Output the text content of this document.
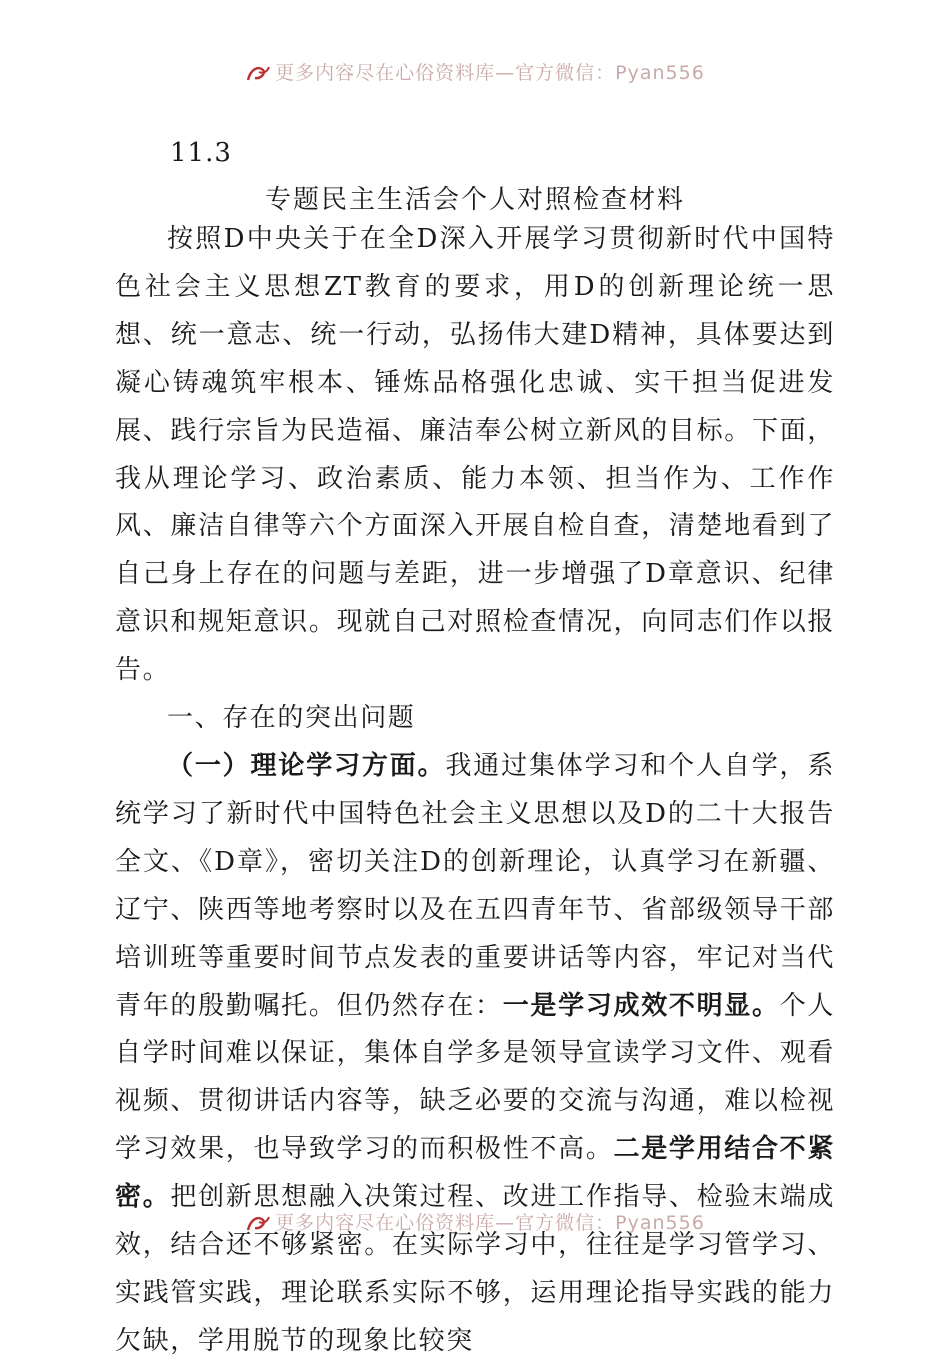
更多内容尽在心俗资料库—官方微信：Pyan556
11.3
专题民主生活会个人对照检查材料

按照D中央关于在全D深入开展学习贯彻新时代中国特色社会主义思想ZT教育的要求，用D的创新理论统一思想、统一意志、统一行动，弘扬伟大建D精神，具体要达到凝心铸魂筑牢根本、锤炼品格强化忠诚、实干担当促进发展、践行宗旨为民造福、廉洁奉公树立新风的目标。下面，我从理论学习、政治素质、能力本领、担当作为、工作作风、廉洁自律等六个方面深入开展自检自查，清楚地看到了自己身上存在的问题与差距，进一步增强了D章意识、纪律意识和规矩意识。现就自己对照检查情况，向同志们作以报告。

一、存在的突出问题

（一）理论学习方面。我通过集体学习和个人自学，系统学习了新时代中国特色社会主义思想以及D的二十大报告全文、《D章》，密切关注D的创新理论，认真学习在新疆、辽宁、陕西等地考察时以及在五四青年节、省部级领导干部培训班等重要时间节点发表的重要讲话等内容，牢记对当代青年的殷勤嘱托。但仍然存在：一是学习成效不明显。个人自学时间难以保证，集体自学多是领导宣读学习文件、观看视频、贯彻讲话内容等，缺乏必要的交流与沟通，难以检视学习效果，也导致学习的而积极性不高。二是学用结合不紧密。把创新思想融入决策过程、改进工作指导、检验末端成效，结合还不够紧密。在实际学习中，往往是学习管学习、实践管实践，理论联系实际不够，运用理论指导实践的能力欠缺，学用脱节的现象比较突

更多内容尽在心俗资料库—官方微信：Pyan556
